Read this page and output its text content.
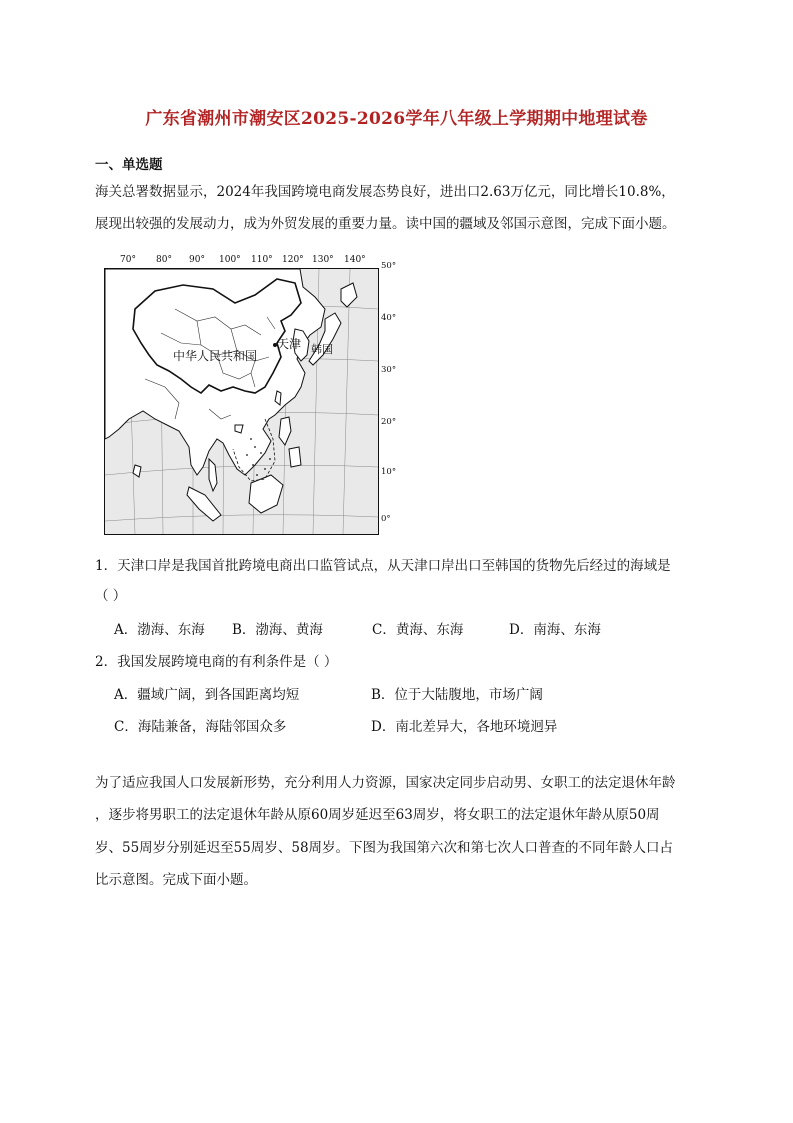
广东省潮州市潮安区2025-2026学年八年级上学期期中地理试卷
一、单选题
海关总署数据显示，2024年我国跨境电商发展态势良好，进出口2.63万亿元，同比增长10.8%，
展现出较强的发展动力，成为外贸发展的重要力量。读中国的疆域及邻国示意图，完成下面小题。
70° 80° 90° 100° 110° 120° 130° 140°
50°
40°
30°
20°
10°
0°
中华人民共和国
天津 韩国
1．天津口岸是我国首批跨境电商出口监管试点，从天津口岸出口至韩国的货物先后经过的海域是
（ ）
A．渤海、东海 B．渤海、黄海	C．黄海、东海	D．南海、东海
2．我国发展跨境电商的有利条件是（ ）
A．疆域广阔，到各国距离均短	B．位于大陆腹地，市场广阔
C．海陆兼备，海陆邻国众多	D．南北差异大，各地环境迥异
为了适应我国人口发展新形势，充分利用人力资源，国家决定同步启动男、女职工的法定退休年龄
，逐步将男职工的法定退休年龄从原60周岁延迟至63周岁，将女职工的法定退休年龄从原50周
岁、55周岁分别延迟至55周岁、58周岁。下图为我国第六次和第七次人口普查的不同年龄人口占
比示意图。完成下面小题。
